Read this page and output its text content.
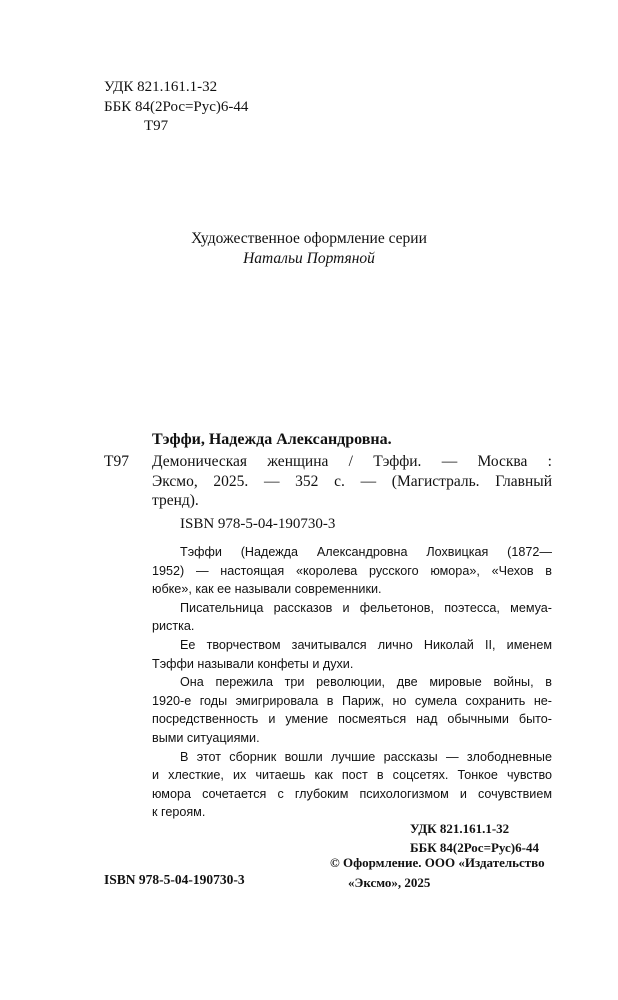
УДК 821.161.1-32
ББК 84(2Рос=Рус)6-44
Т97
Художественное оформление серии
Натальи Портяной
Тэффи, Надежда Александровна.
Т97 Демоническая женщина / Тэффи. — Москва :
Эксмо, 2025. — 352 с. — (Магистраль. Главный
тренд).
ISBN 978-5-04-190730-3

Тэффи (Надежда Александровна Лохвицкая (1872—
1952) — настоящая «королева русского юмора», «Чехов в
юбке», как ее называли современники.

Писательница рассказов и фельетонов, поэтесса, мемуа-
ристка.

Ее творчеством зачитывался лично Николай II, именем
Тэффи называли конфеты и духи.

Она пережила три революции, две мировые войны, в
1920-е годы эмигрировала в Париж, но сумела сохранить не-
посредственность и умение посмеяться над обычными быто-
выми ситуациями.

В этот сборник вошли лучшие рассказы — злободневные
и хлесткие, их читаешь как пост в соцсетях. Тонкое чувство
юмора сочетается с глубоким психологизмом и сочувствием
к героям.

УДК 821.161.1-32
ББК 84(2Рос=Рус)6-44
© Оформление. ООО «Издательство
«Эксмо», 2025
ISBN 978-5-04-190730-3
